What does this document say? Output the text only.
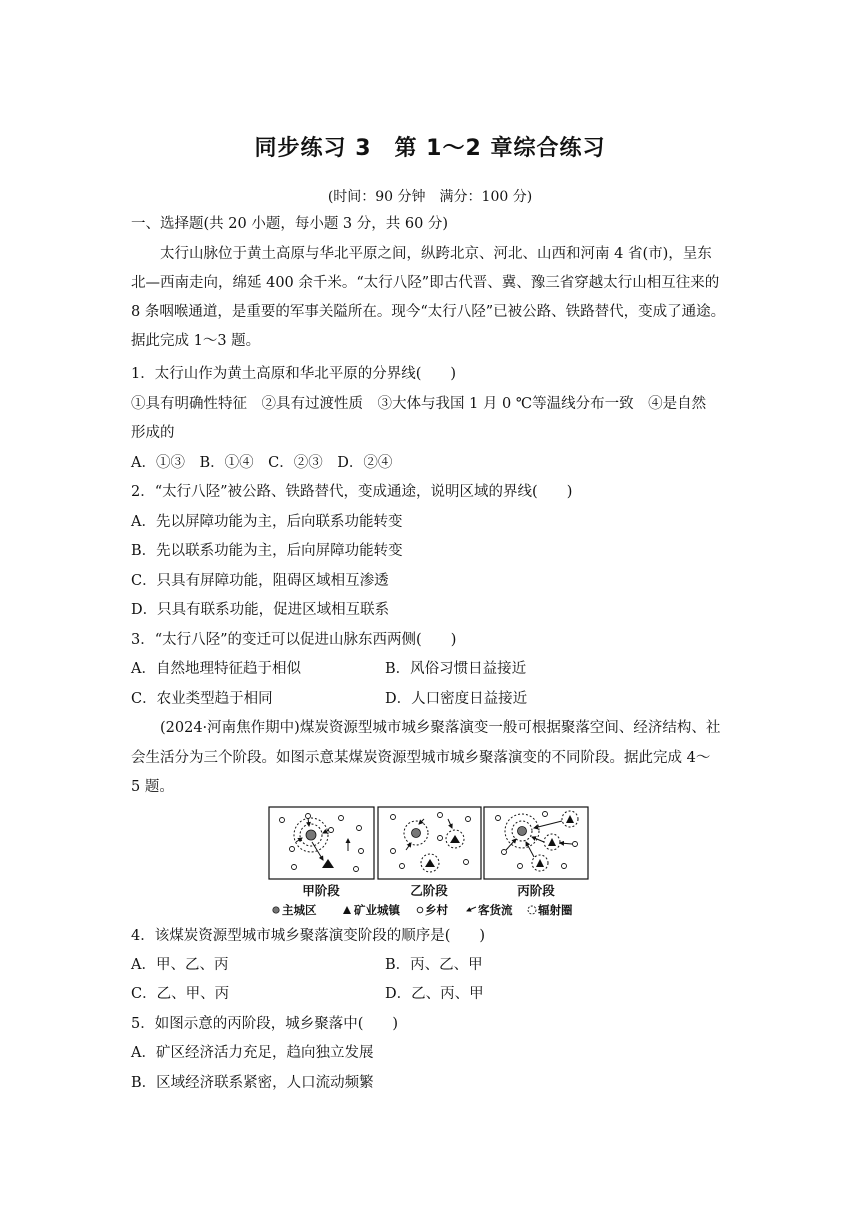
同步练习 3　第 1～2 章综合练习
(时间：90 分钟　满分：100 分)
一、选择题(共 20 小题，每小题 3 分，共 60 分)
太行山脉位于黄土高原与华北平原之间，纵跨北京、河北、山西和河南 4 省(市)，呈东
北—西南走向，绵延 400 余千米。“太行八陉”即古代晋、冀、豫三省穿越太行山相互往来的
8 条咽喉通道，是重要的军事关隘所在。现今“太行八陉”已被公路、铁路替代，变成了通途。
据此完成 1～3 题。
1．太行山作为黄土高原和华北平原的分界线(　　)
①具有明确性特征　②具有过渡性质　③大体与我国 1 月 0 ℃等温线分布一致　④是自然
形成的
A．①③　B．①④　C．②③　D．②④
2．“太行八陉”被公路、铁路替代，变成通途，说明区域的界线(　　)
A．先以屏障功能为主，后向联系功能转变
B．先以联系功能为主，后向屏障功能转变
C．只具有屏障功能，阻碍区域相互渗透
D．只具有联系功能，促进区域相互联系
3．“太行八陉”的变迁可以促进山脉东西两侧(　　)
A．自然地理特征趋于相似	B．风俗习惯日益接近
C．农业类型趋于相同	D．人口密度日益接近
(2024·河南焦作期中)煤炭资源型城市城乡聚落演变一般可根据聚落空间、经济结构、社
会生活分为三个阶段。如图示意某煤炭资源型城市城乡聚落演变的不同阶段。据此完成 4～
5 题。
甲阶段	乙阶段	丙阶段
主城区	矿业城镇 乡村	客货流 辐射圈
4．该煤炭资源型城市城乡聚落演变阶段的顺序是(　　)
A．甲、乙、丙	B．丙、乙、甲
C．乙、甲、丙	D．乙、丙、甲
5．如图示意的丙阶段，城乡聚落中(　　)
A．矿区经济活力充足，趋向独立发展
B．区域经济联系紧密，人口流动频繁
